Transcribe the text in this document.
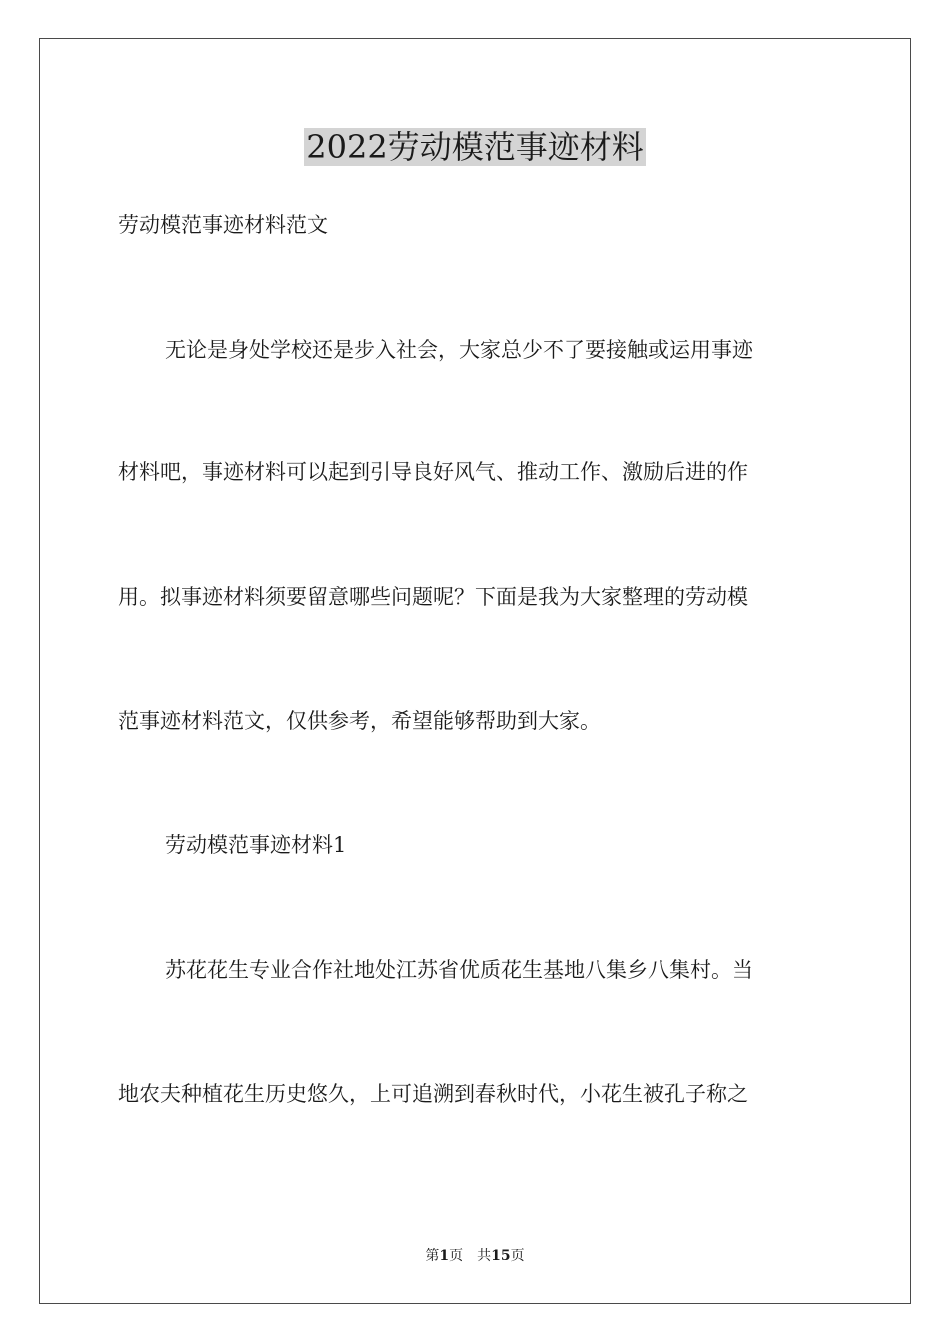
2022劳动模范事迹材料
劳动模范事迹材料范文
无论是身处学校还是步入社会，大家总少不了要接触或运用事迹
材料吧，事迹材料可以起到引导良好风气、推动工作、激励后进的作
用。拟事迹材料须要留意哪些问题呢？下面是我为大家整理的劳动模
范事迹材料范文，仅供参考，希望能够帮助到大家。
劳动模范事迹材料1
苏花花生专业合作社地处江苏省优质花生基地八集乡八集村。当
地农夫种植花生历史悠久，上可追溯到春秋时代，小花生被孔子称之
第1页 共15页
